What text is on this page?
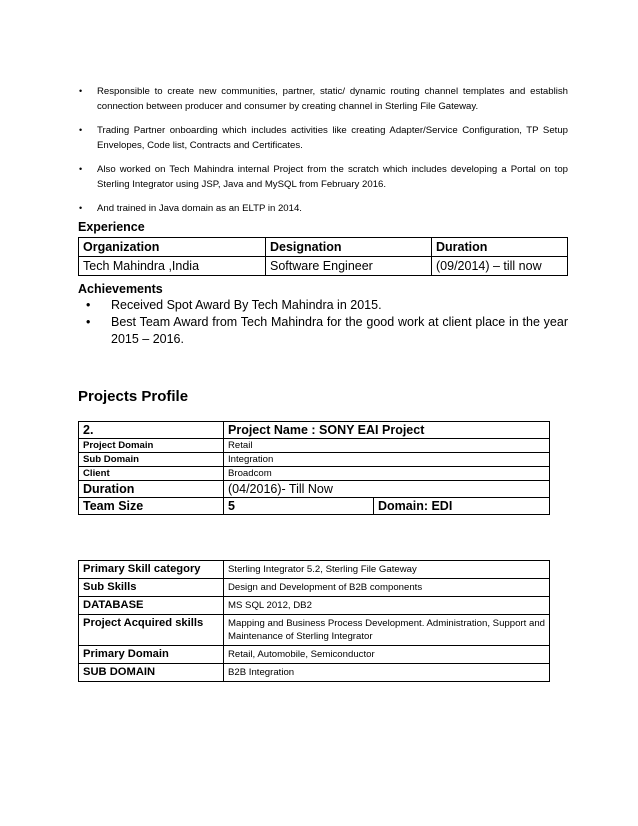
• Responsible to create new communities, partner, static/ dynamic routing channel templates and establish connection between producer and consumer by creating channel in Sterling File Gateway.
• Trading Partner onboarding which includes activities like creating Adapter/Service Configuration, TP Setup Envelopes, Code list, Contracts and Certificates.
• Also worked on Tech Mahindra internal Project from the scratch which includes developing a Portal on top Sterling Integrator using JSP, Java and MySQL from February 2016.
• And trained in Java domain as an ELTP in 2014.
Experience
Organization	Designation	Duration
Tech Mahindra ,India	Software Engineer	(09/2014) – till now
Achievements
• Received Spot Award By Tech Mahindra in 2015.
• Best Team Award from Tech Mahindra for the good work at client place in the year 2015 – 2016.
Projects Profile
2.	Project Name : SONY EAI Project	
Project Domain	Retail	
Sub Domain	Integration	
Client	Broadcom	
Duration	(04/2016)- Till Now	
Team Size	5	Domain: EDI
Primary Skill category	Sterling Integrator 5.2, Sterling File Gateway
Sub Skills	Design and Development of B2B components
DATABASE	MS SQL 2012, DB2
Project Acquired skills	Mapping and Business Process Development. Administration, Support and Maintenance of Sterling Integrator
Primary Domain	Retail, Automobile, Semiconductor
SUB DOMAIN	B2B Integration
